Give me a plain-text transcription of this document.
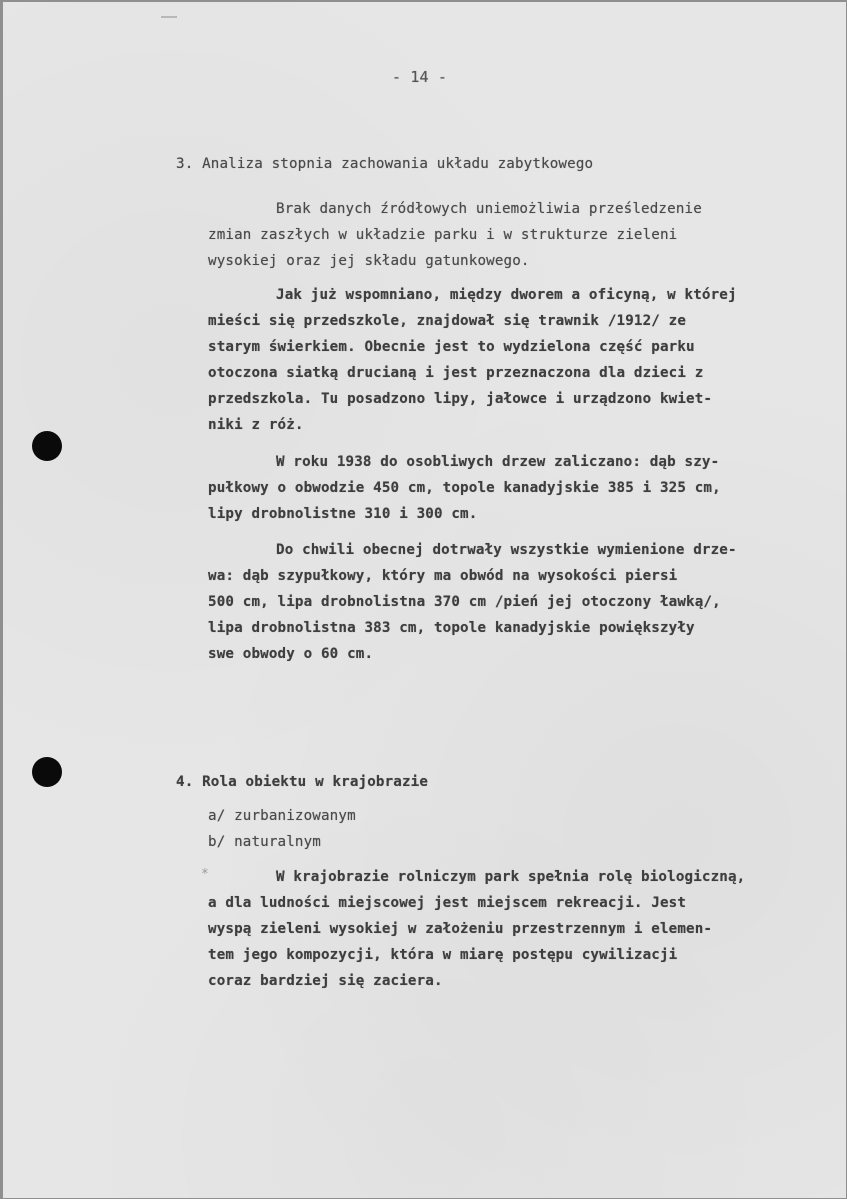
- 14 -

3. Analiza stopnia zachowania układu zabytkowego

Brak danych źródłowych uniemożliwia prześledzenie

zmian zaszłych w układzie parku i w strukturze zieleni

wysokiej oraz jej składu gatunkowego.

Jak już wspomniano, między dworem a oficyną, w której

mieści się przedszkole, znajdował się trawnik /1912/ ze

starym świerkiem. Obecnie jest to wydzielona część parku

otoczona siatką drucianą i jest przeznaczona dla dzieci z

przedszkola. Tu posadzono lipy, jałowce i urządzono kwiet-

niki z róż.

W roku 1938 do osobliwych drzew zaliczano: dąb szy-

pułkowy o obwodzie 450 cm, topole kanadyjskie 385 i 325 cm,

lipy drobnolistne 310 i 300 cm.

Do chwili obecnej dotrwały wszystkie wymienione drze-

wa: dąb szypułkowy, który ma obwód na wysokości piersi

500 cm, lipa drobnolistna 370 cm /pień jej otoczony ławką/,

lipa drobnolistna 383 cm, topole kanadyjskie powiększyły

swe obwody o 60 cm.

4. Rola obiektu w krajobrazie

a/ zurbanizowanym

b/ naturalnym

*	W krajobrazie rolniczym park spełnia rolę biologiczną,

a dla ludności miejscowej jest miejscem rekreacji. Jest

wyspą zieleni wysokiej w założeniu przestrzennym i elemen-

tem jego kompozycji, która w miarę postępu cywilizacji

coraz bardziej się zaciera.
